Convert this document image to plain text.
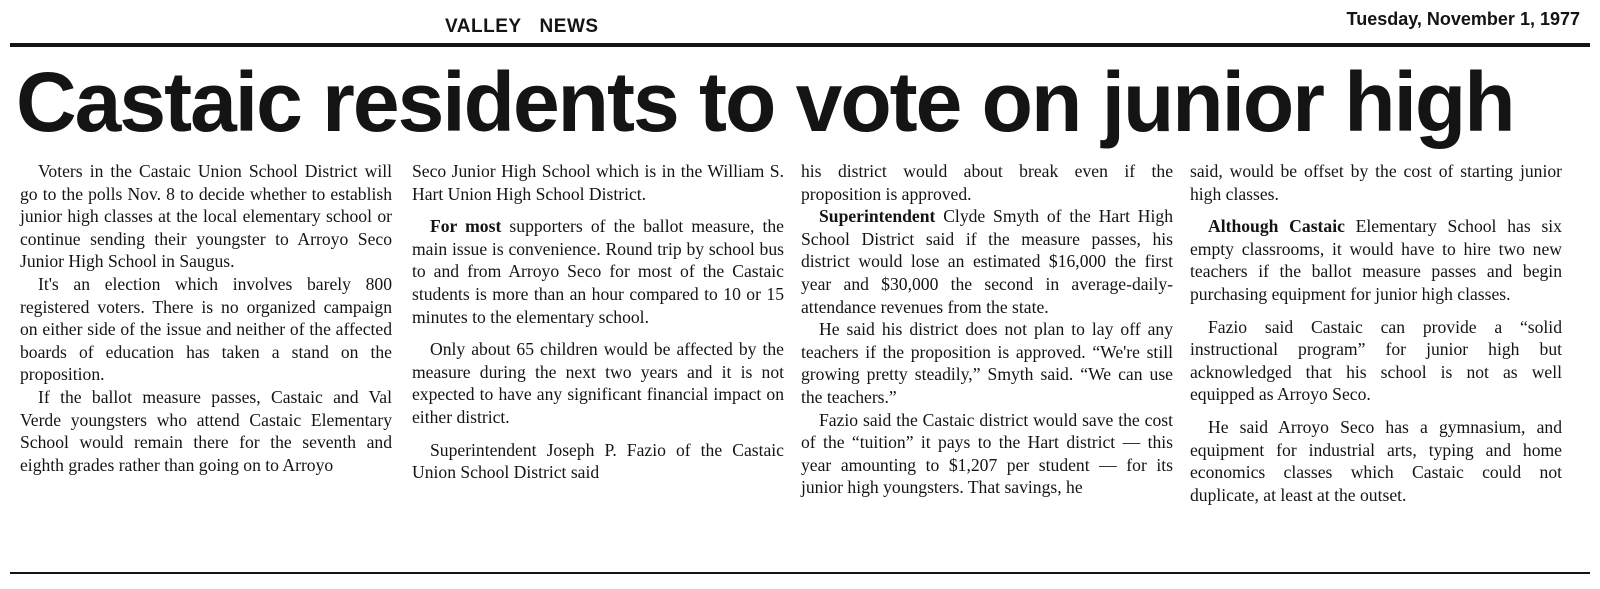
VALLEY NEWS	Tuesday, November 1, 1977
Castaic residents to vote on junior high

Voters in the Castaic Union School District will go to the polls Nov. 8 to decide whether to establish junior high classes at the local elementary school or continue sending their youngster to Arroyo Seco Junior High School in Saugus.

It's an election which involves barely 800 registered voters. There is no organized campaign on either side of the issue and neither of the affected boards of education has taken a stand on the proposition.

If the ballot measure passes, Castaic and Val Verde youngsters who attend Castaic Elementary School would remain there for the seventh and eighth grades rather than going on to Arroyo

Seco Junior High School which is in the William S. Hart Union High School District.

For most supporters of the ballot measure, the main issue is convenience. Round trip by school bus to and from Arroyo Seco for most of the Castaic students is more than an hour compared to 10 or 15 minutes to the elementary school.

Only about 65 children would be affected by the measure during the next two years and it is not expected to have any significant financial impact on either district.

Superintendent Joseph P. Fazio of the Castaic Union School District said

his district would about break even if the proposition is approved.

Superintendent Clyde Smyth of the Hart High School District said if the measure passes, his district would lose an estimated $16,000 the first year and $30,000 the second in average-daily-attendance revenues from the state.

He said his district does not plan to lay off any teachers if the proposition is approved. “We're still growing pretty steadily,” Smyth said. “We can use the teachers.”

Fazio said the Castaic district would save the cost of the “tuition” it pays to the Hart district — this year amounting to $1,207 per student — for its junior high youngsters. That savings, he

said, would be offset by the cost of starting junior high classes.

Although Castaic Elementary School has six empty classrooms, it would have to hire two new teachers if the ballot measure passes and begin purchasing equipment for junior high classes.

Fazio said Castaic can provide a “solid instructional program” for junior high but acknowledged that his school is not as well equipped as Arroyo Seco.

He said Arroyo Seco has a gymnasium, and equipment for industrial arts, typing and home economics classes which Castaic could not duplicate, at least at the outset.
